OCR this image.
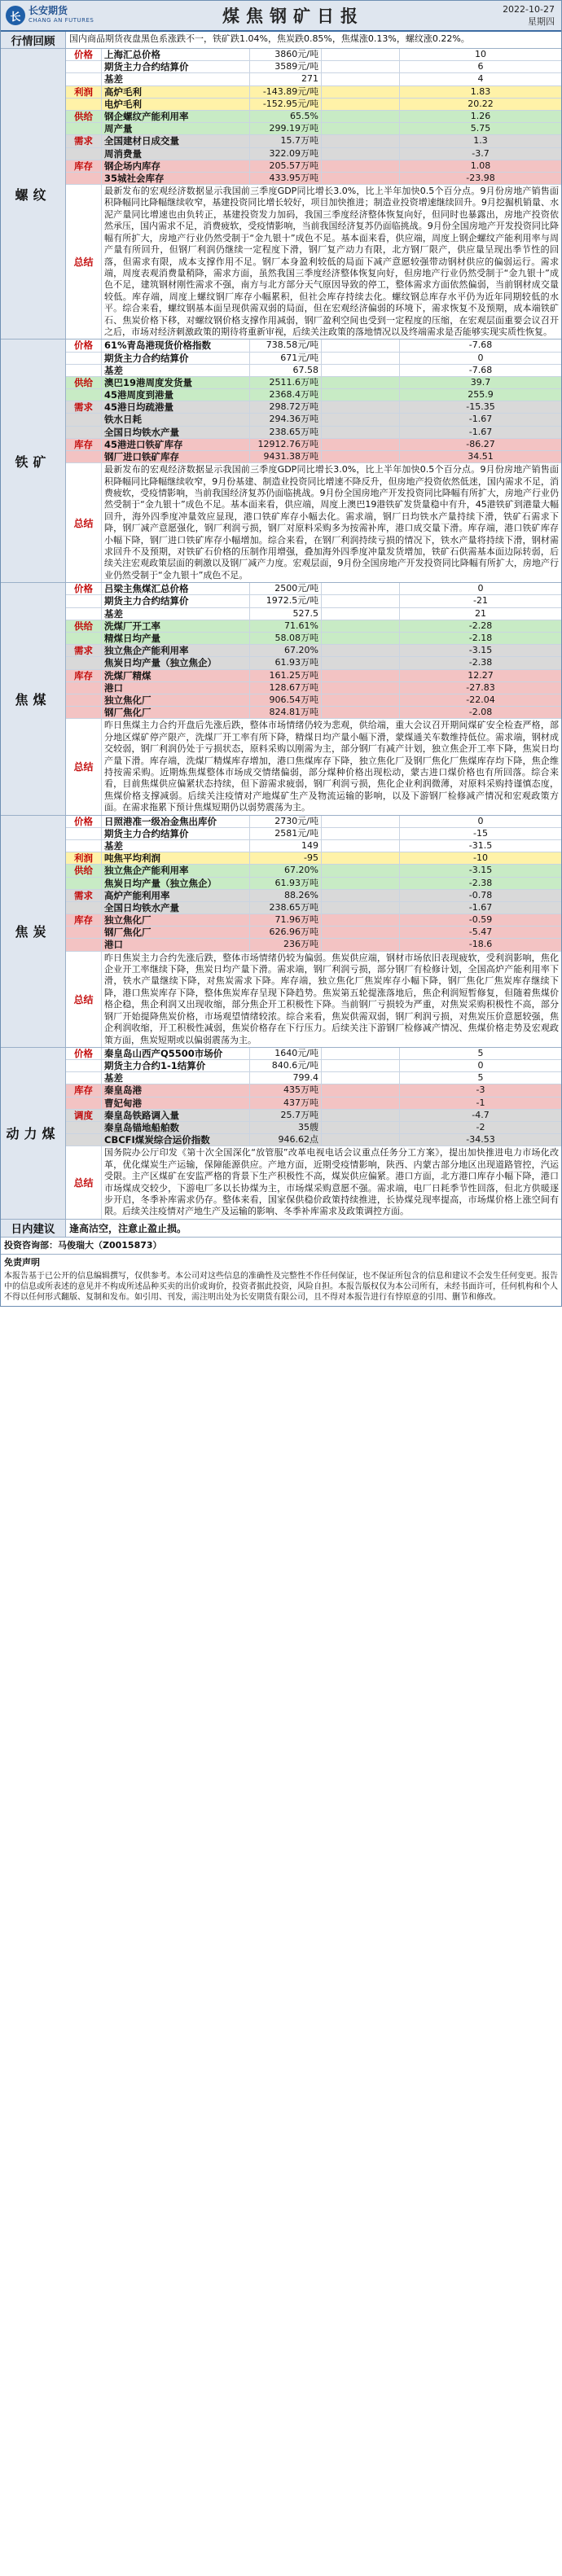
长
长安期货
CHANG AN FUTURES	煤焦钢矿日报	2022-10-27
星期四
行情回顾	国内商品期货夜盘黑色系涨跌不一，铁矿跌1.04%，焦炭跌0.85%，焦煤涨0.13%，螺纹涨0.22%。
螺纹
价格	上海汇总价格	3860元/吨	10
期货主力合约结算价	3589元/吨	6
基差	271	4
利润	高炉毛利	-143.89元/吨	1.83
电炉毛利	-152.95元/吨	20.22
供给	钢企螺纹产能利用率	65.5%	1.26
周产量	299.19万吨	5.75
需求	全国建材日成交量	15.7万吨	1.3
周消费量	322.09万吨	-3.7
库存	钢企场内库存	205.57万吨	1.08
35城社会库存	433.95万吨	-23.98
总结
最新发布的宏观经济数据显示我国前三季度GDP同比增长3.0%，比上半年加快0.5个百分点。9月份房地产销售面积降幅同比降幅继续收窄，基建投资同比增长较好，项目加快推进；制造业投资增速继续回升。9月挖掘机销量、水泥产量同比增速也由负转正，基建投资发力加码，我国三季度经济整体恢复向好，但同时也暴露出，房地产投资依然承压，国内需求不足，消费疲软，受疫情影响，当前我国经济复苏仍面临挑战。9月份全国房地产开发投资同比降幅有所扩大，房地产行业仍然受制于“金九银十”成色不足。基本面来看，供应端，周度上钢企螺纹产能利用率与周产量有所回升，但钢厂利润仍继续一定程度下滑，钢厂复产动力有限，北方钢厂限产，供应量呈现出季节性的回落，但需求有限，成本支撑作用不足。钢厂本身盈利较低的局面下减产意愿较强带动钢材供应的偏弱运行。需求端，周度表观消费量稍降，需求方面，虽然我国三季度经济整体恢复向好，但房地产行业仍然受制于“金九银十”成色不足，建筑钢材刚性需求不强，南方与北方部分天气原因导致的停工，整体需求方面依然偏弱，当前钢材成交量较低。库存端，周度上螺纹钢厂库存小幅累积，但社会库存持续去化。螺纹钢总库存水平仍为近年同期较低的水平。综合来看，螺纹钢基本面呈现供需双弱的局面，但在宏观经济偏弱的环境下，需求恢复不及预期，成本端铁矿石、焦炭价格下移，对螺纹钢价格支撑作用减弱，钢厂盈利空间也受到一定程度的压缩，在宏观层面重要会议召开之后，市场对经济刺激政策的期待将重新审视，后续关注政策的落地情况以及终端需求是否能够实现实质性恢复。
铁矿
价格	61%青岛港现货价格指数	738.58元/吨	-7.68
期货主力合约结算价	671元/吨	0
基差	67.58	-7.68
供给	澳巴19港周度发货量	2511.6万吨	39.7
45港周度到港量	2368.4万吨	255.9
需求	45港日均疏港量	298.72万吨	-15.35
铁水日耗	294.36万吨	-1.67
全国日均铁水产量	238.65万吨	-1.67
库存	45港进口铁矿库存	12912.76万吨	-86.27
钢厂进口铁矿库存	9431.38万吨	34.51
总结
最新发布的宏观经济数据显示我国前三季度GDP同比增长3.0%，比上半年加快0.5个百分点。9月份房地产销售面积降幅同比降幅继续收窄，9月份基建、制造业投资同比增速不降反升，但房地产投资依然低迷，国内需求不足，消费疲软，受疫情影响，当前我国经济复苏仍面临挑战。9月份全国房地产开发投资同比降幅有所扩大，房地产行业仍然受制于“金九银十”成色不足。基本面来看，供应端，周度上澳巴19港铁矿发货量稳中有升，45港铁矿到港量大幅回升，海外四季度冲量效应显现，港口铁矿库存小幅去化。需求端，钢厂日均铁水产量持续下滑，铁矿石需求下降，钢厂减产意愿强化，钢厂利润亏损，钢厂对原料采购多为按需补库，港口成交量下滑。库存端，港口铁矿库存小幅下降，钢厂进口铁矿库存小幅增加。综合来看，在钢厂利润持续亏损的情况下，铁水产量将持续下滑，钢材需求回升不及预期，对铁矿石价格的压制作用增强，叠加海外四季度冲量发货增加，铁矿石供需基本面边际转弱，后续关注宏观政策层面的刺激以及钢厂减产力度。宏观层面，9月份全国房地产开发投资同比降幅有所扩大，房地产行业仍然受制于“金九银十”成色不足。
焦煤
价格	吕梁主焦煤汇总价格	2500元/吨	0
期货主力合约结算价	1972.5元/吨	-21
基差	527.5	21
供给	洗煤厂开工率	71.61%	-2.28
精煤日均产量	58.08万吨	-2.18
需求	独立焦企产能利用率	67.20%	-3.15
焦炭日均产量（独立焦企）	61.93万吨	-2.38
库存	洗煤厂精煤	161.25万吨	12.27
港口	128.67万吨	-27.83
独立焦化厂	906.54万吨	-22.04
钢厂焦化厂	824.81万吨	-2.08
总结
昨日焦煤主力合约开盘后先涨后跌，整体市场情绪仍较为悲观，供给端，重大会议召开期间煤矿安全检查严格，部分地区煤矿停产限产，洗煤厂开工率有所下降，精煤日均产量小幅下滑，蒙煤通关车数维持低位。需求端，钢材成交较弱，钢厂利润仍处于亏损状态，原料采购以刚需为主，部分钢厂有减产计划，独立焦企开工率下降，焦炭日均产量下滑。库存端，洗煤厂精煤库存增加，港口焦煤库存下降，独立焦化厂及钢厂焦化厂焦煤库存均下降，焦企维持按需采购。近期炼焦煤整体市场成交情绪偏弱，部分煤种价格出现松动，蒙古进口煤价格也有所回落。综合来看，目前焦煤供应偏紧状态持续，但下游需求疲弱，钢厂利润亏损，焦化企业利润微薄，对原料采购持谨慎态度，焦煤价格支撑减弱。后续关注疫情对产地煤矿生产及物流运输的影响，以及下游钢厂检修减产情况和宏观政策方面。在需求拖累下预计焦煤短期仍以弱势震荡为主。
焦炭
价格	日照港准一级冶金焦出库价	2730元/吨	0
期货主力合约结算价	2581元/吨	-15
基差	149	-31.5
利润	吨焦平均利润	-95	-10
供给	独立焦企产能利用率	67.20%	-3.15
焦炭日均产量（独立焦企）	61.93万吨	-2.38
需求	高炉产能利用率	88.26%	-0.78
全国日均铁水产量	238.65万吨	-1.67
库存	独立焦化厂	71.96万吨	-0.59
钢厂焦化厂	626.96万吨	-5.47
港口	236万吨	-18.6
总结
昨日焦炭主力合约先涨后跌，整体市场情绪仍较为偏弱。焦炭供应端，钢材市场依旧表现疲软，受利润影响，焦化企业开工率继续下降，焦炭日均产量下滑。需求端，钢厂利润亏损，部分钢厂有检修计划，全国高炉产能利用率下滑，铁水产量继续下降，对焦炭需求下降。库存端，独立焦化厂焦炭库存小幅下降，钢厂焦化厂焦炭库存继续下降，港口焦炭库存下降，整体焦炭库存呈现下降趋势。焦炭第五轮提涨落地后，焦企利润短暂修复，但随着焦煤价格企稳，焦企利润又出现收缩，部分焦企开工积极性下降。当前钢厂亏损较为严重，对焦炭采购积极性不高，部分钢厂开始提降焦炭价格，市场观望情绪较浓。综合来看，焦炭供需双弱，钢厂利润亏损，对焦炭压价意愿较强，焦企利润收缩，开工积极性减弱，焦炭价格存在下行压力。后续关注下游钢厂检修减产情况、焦煤价格走势及宏观政策方面，焦炭短期或以偏弱震荡为主。
动力煤
价格	秦皇岛山西产Q5500市场价	1640元/吨	5
期货主力合约1-1结算价	840.6元/吨	0
基差	799.4	5
库存	秦皇岛港	435万吨	-3
曹妃甸港	437万吨	-1
调度	秦皇岛铁路调入量	25.7万吨	-4.7
秦皇岛锚地船舶数	35艘	-2
CBCFI煤炭综合运价指数	946.62点	-34.53
总结
国务院办公厅印发《第十次全国深化“放管服”改革电视电话会议重点任务分工方案》，提出加快推进电力市场化改革，优化煤炭生产运输，保障能源供应。产地方面，近期受疫情影响，陕西、内蒙古部分地区出现道路管控，汽运受限。主产区煤矿在安监严格的背景下生产积极性不高，煤炭供应偏紧。港口方面，北方港口库存小幅下降，港口市场煤成交较少，下游电厂多以长协煤为主，市场煤采购意愿不强。需求端，电厂日耗季节性回落，但北方供暖逐步开启，冬季补库需求仍存。整体来看，国家保供稳价政策持续推进，长协煤兑现率提高，市场煤价格上涨空间有限。后续关注疫情对产地生产及运输的影响、冬季补库需求及政策调控方面。
日内建议	逢高沽空，注意止盈止损。
投资咨询部：马俊瑞大（Z0015873）
免责声明
本报告基于已公开的信息编辑撰写，仅供参考。本公司对这些信息的准确性及完整性不作任何保证，也不保证所包含的信息和建议不会发生任何变更。报告中的信息或所表述的意见并不构成所述品种买卖的出价或询价，投资者据此投资，风险自担。本报告版权仅为本公司所有，未经书面许可，任何机构和个人不得以任何形式翻版、复制和发布。如引用、刊发，需注明出处为长安期货有限公司，且不得对本报告进行有悖原意的引用、删节和修改。
